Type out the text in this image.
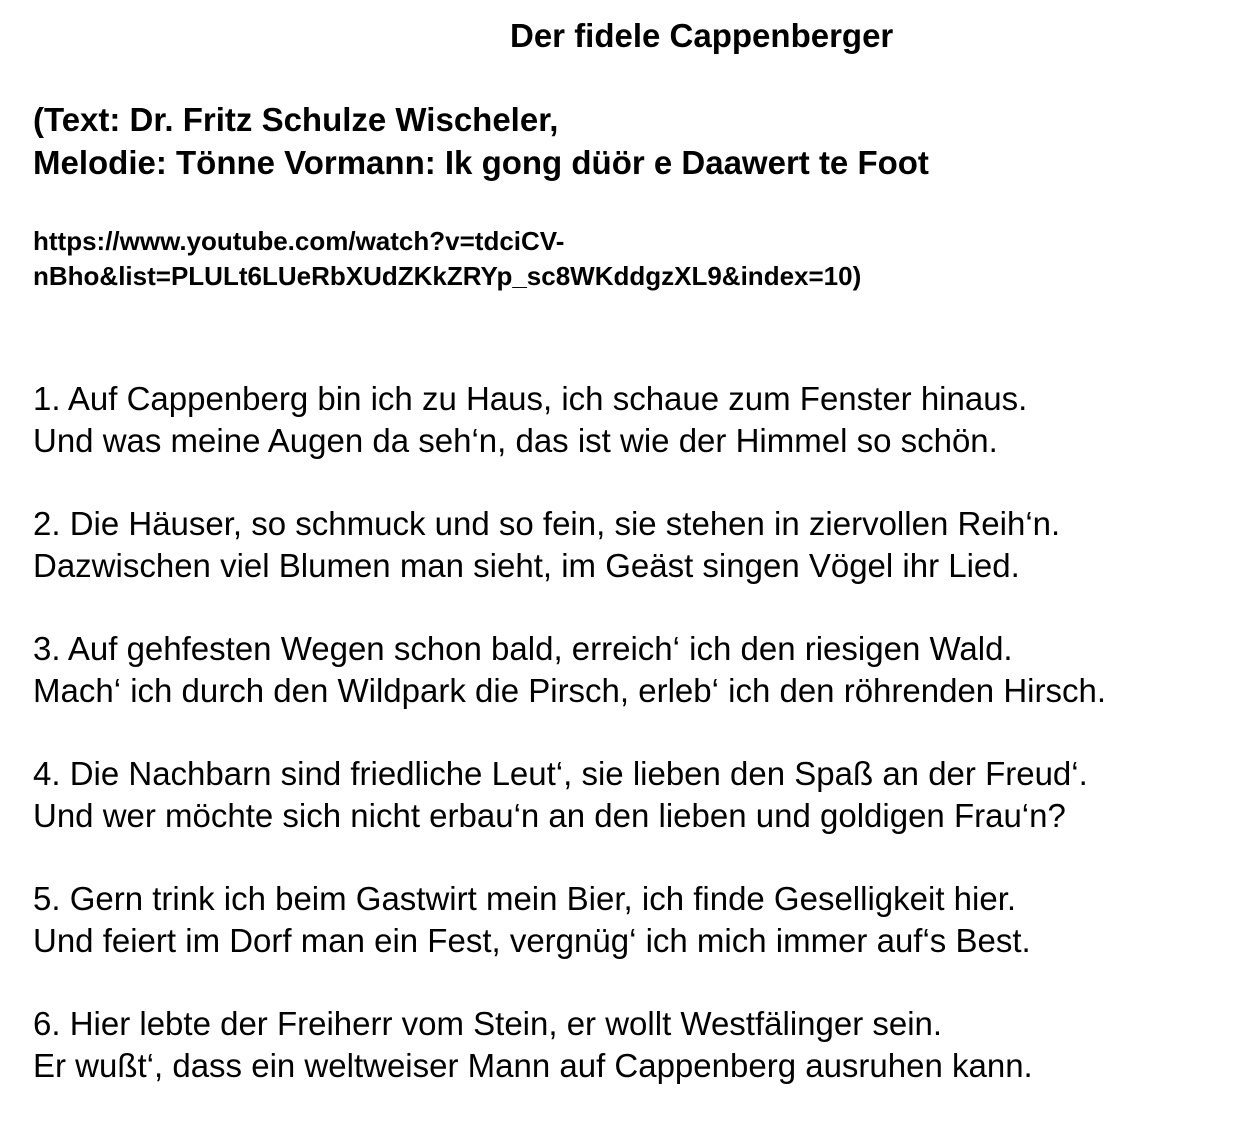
Der fidele Cappenberger
(Text: Dr. Fritz Schulze Wischeler,
Melodie: Tönne Vormann: Ik gong düör e Daawert te Foot
https://www.youtube.com/watch?v=tdciCV-
nBho&list=PLULt6LUeRbXUdZKkZRYp_sc8WKddgzXL9&index=10)
1. Auf Cappenberg bin ich zu Haus, ich schaue zum Fenster hinaus.
Und was meine Augen da seh‘n, das ist wie der Himmel so schön.
2. Die Häuser, so schmuck und so fein, sie stehen in ziervollen Reih‘n.
Dazwischen viel Blumen man sieht, im Geäst singen Vögel ihr Lied.
3. Auf gehfesten Wegen schon bald, erreich‘ ich den riesigen Wald.
Mach‘ ich durch den Wildpark die Pirsch, erleb‘ ich den röhrenden Hirsch.
4. Die Nachbarn sind friedliche Leut‘, sie lieben den Spaß an der Freud‘.
Und wer möchte sich nicht erbau‘n an den lieben und goldigen Frau‘n?
5. Gern trink ich beim Gastwirt mein Bier, ich finde Geselligkeit hier.
Und feiert im Dorf man ein Fest, vergnüg‘ ich mich immer auf‘s Best.
6. Hier lebte der Freiherr vom Stein, er wollt Westfälinger sein.
Er wußt‘, dass ein weltweiser Mann auf Cappenberg ausruhen kann.
